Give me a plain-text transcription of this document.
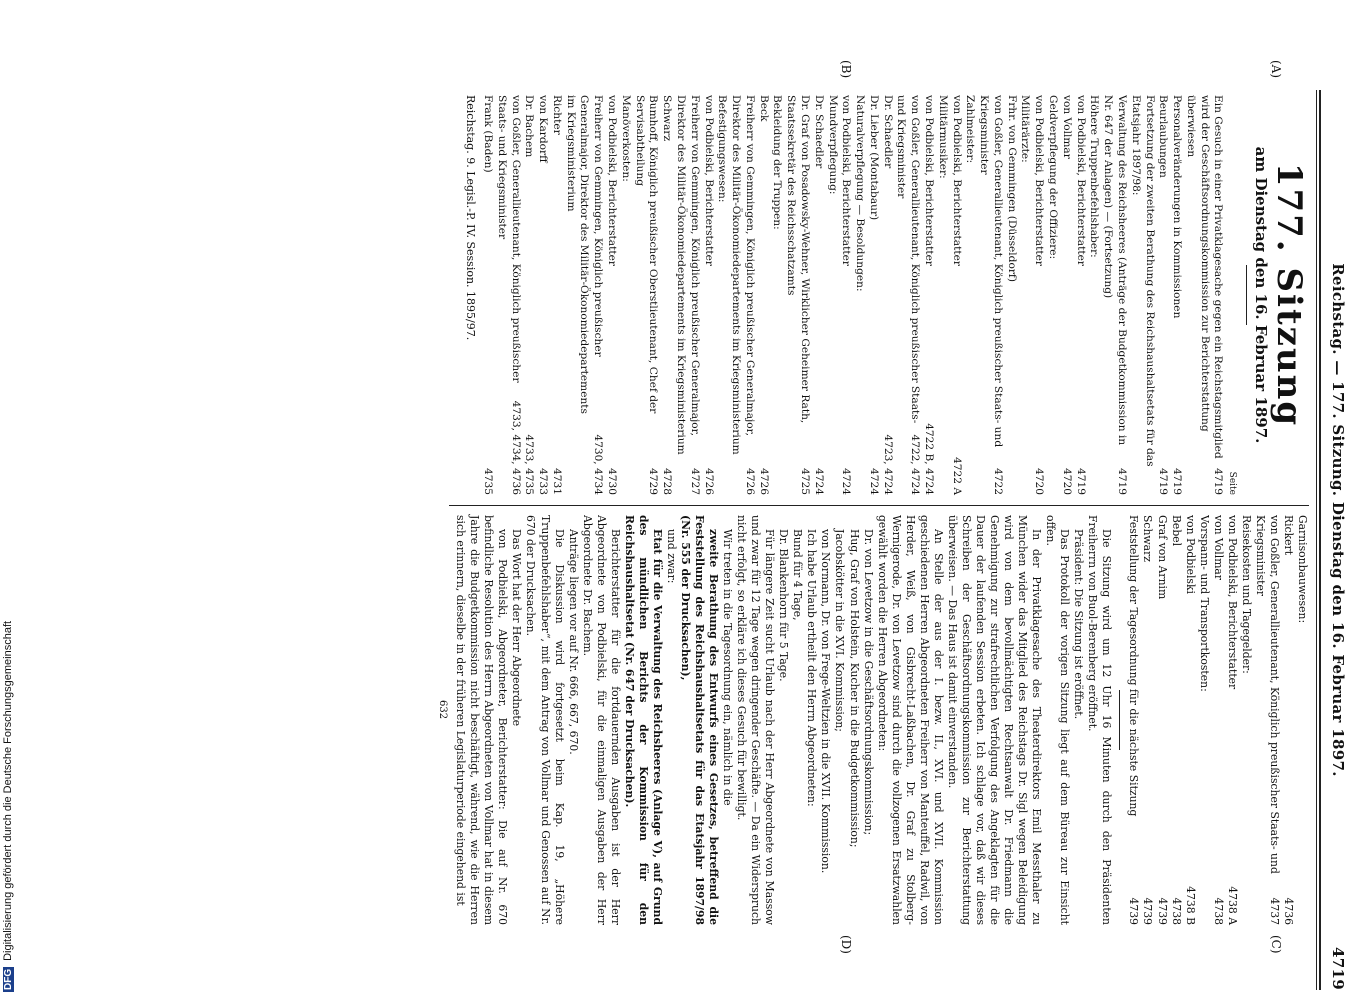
Reichstag. — 177. Sitzung. Dienstag den 16. Februar 1897.
4719
(A)
(B)
(C)
(D)
177. Sitzung
am Dienstag den 16. Februar 1897.
Seite
Ein Gesuch in einer Privatklagesache gegen ein Reichstagsmitglied wird der Geschäftsordnungskommission zur Berichterstattung überwiesen
4719
Personalveränderungen in Kommissionen
4719
Beurlaubungen
4719
Fortsetzung der zweiten Berathung des Reichshaushaltsetats für das Etatsjahr 1897/98:
Verwaltung des Reichsheeres (Anträge der Budgetkommission in Nr. 647 der Anlagen) — (Fortsetzung)
4719
Höhere Truppenbefehlshaber:
von Podbielski, Berichterstatter
4719
von Vollmar
4720
Geldverpflegung der Offiziere:
von Podbielski, Berichterstatter
4720
Militärärzte:
Frhr. von Gemmingen (Düsseldorf)
von Goßler, Generallieutenant, Königlich preußischer Staats- und Kriegsminister
4722
Zahlmeister:
von Podbielski, Berichterstatter
4722 A
Militärmusiker:
von Podbielski, Berichterstatter
4722 B, 4724
von Goßler, Generallieutenant, Königlich preußischer Staats- und Kriegsminister
4722, 4724
Dr. Schaedler
4723, 4724
Dr. Lieber (Montabaur)
4724
Naturalverpflegung — Besoldungen:
von Podbielski, Berichterstatter
4724
Mundverpflegung:
Dr. Schaedler
4724
Dr. Graf von Posadowsky-Wehner, Wirklicher Geheimer Rath, Staatssekretär des Reichsschatzamts
4725
Bekleidung der Truppen:
Beck
4726
Freiherr von Gemmingen, Königlich preußischer Generalmajor, Direktor des Militär-Ökonomiedepartements im Kriegsministerium
4726
Befestigungswesen:
von Podbielski, Berichterstatter
4726
Freiherr von Gemmingen, Königlich preußischer Generalmajor, Direktor des Militär-Ökonomiedepartements im Kriegsministerium
4727
Schwarz
4728
Bumhoff, Königlich preußischer Oberstlieutenant, Chef der Servisabtheilung
4729
Manöverkosten:
von Podbielski, Berichterstatter
4730
Freiherr von Gemmingen, Königlich preußischer Generalmajor, Direktor des Militär-Ökonomiedepartements im Kriegsministerium
4730, 4734
Richter
4731
von Kardorff
4733
Dr. Bachem
4733, 4735
von Goßler, Generallieutenant, Königlich preußischer Staats- und Kriegsminister
4733, 4734, 4736
Frank (Baden)
4735
Reichstag. 9. Legisl.-P. IV. Session. 1895/97.
Garnisonbauwesen:
Rickert
4736
von Goßler, Generallieutenant, Königlich preußischer Staats- und Kriegsminister
4737
Reisekosten und Tagegelder:
von Podbielski, Berichterstatter
4738 A
von Vollmar
4738
Vorspann- und Transportkosten:
von Podbielski
4738 B
Bebel
4738
Graf von Arnim
4739
Schwarz
4739
Feststellung der Tagesordnung für die nächste Sitzung
4739

Die Sitzung wird um 12 Uhr 16 Minuten durch den Präsidenten Freiherrn von Buol-Berenberg eröffnet.

Präsident: Die Sitzung ist eröffnet.

Das Protokoll der vorigen Sitzung liegt auf dem Büreau zur Einsicht offen.

In der Privatklagesache des Theaterdirektors Emil Messthaler zu München wider das Mitglied des Reichstags Dr. Sigl wegen Beleidigung wird von dem bevollmächtigten Rechtsanwalt Dr. Friedmann die Genehmigung zur strafrechtlichen Verfolgung des Angeklagten für die Dauer der laufenden Session erbeten. Ich schlage vor, daß wir dieses Schreiben der Geschäftsordnungskommission zur Berichterstattung überweisen. — Das Haus ist damit einverstanden.

An Stelle der aus der I. bezw. II., XVI. und XVII. Kommission geschiedenen Herren Abgeordneten Freiherr von Manteuffel, Radwil, von Herder, Weiß, von Gisbrecht-Laßbachen, Dr. Graf zu Stolberg-Wernigerode, Dr. von Levetzow sind durch die vollzogenen Ersatzwahlen gewählt worden die Herren Abgeordneten:

Dr. von Levetzow in die Geschäftsordnungskommission;

Hug, Graf von Holstein, Kucher in die Budgetkommission;

Jacobskötter in die XVI. Kommission;

von Normann, Dr. von Frege-Weltzien in die XVII. Kommission.

Ich habe Urlaub ertheilt den Herrn Abgeordneten:

Bund für 4 Tage,

Dr. Blankenhorn für 5 Tage.

Für längere Zeit sucht Urlaub nach der Herr Abgeordnete von Massow und zwar für 12 Tage wegen dringender Geschäfte. — Da ein Widerspruch nicht erfolgt, so erkläre ich dieses Gesuch für bewilligt.

Wir treten in die Tagesordnung ein, nämlich in die

zweite Berathung des Entwurfs eines Gesetzes, betreffend die Feststellung des Reichshaushaltsetats für das Etatsjahr 1897/98 (Nr. 555 der Drucksachen),

und zwar:

Etat für die Verwaltung des Reichsheeres (Anlage V), auf Grund des mündlichen Berichts der Kommission für den Reichshaushaltsetat (Nr. 647 der Drucksachen).

Berichterstatter für die fortdauernden Ausgaben ist der Herr Abgeordnete von Podbielski, für die einmaligen Ausgaben der Herr Abgeordnete Dr. Bachem.

Anträge liegen vor auf Nr. 666, 667, 670.

Die Diskussion wird fortgesetzt beim Kap. 19, „Höhere Truppenbefehlshaber“, mit dem Antrag von Vollmar und Genossen auf Nr. 670 der Drucksachen.

Das Wort hat der Herr Abgeordnete

von Podbielski, Abgeordneter, Berichterstatter: Die auf Nr. 670 befindliche Resolution des Herrn Abgeordneten von Vollmar hat in diesem Jahre die Budgetkommission nicht beschäftigt, während, wie die Herren sich erinnern, dieselbe in der früheren Legislaturperiode eingehend ist

632
DFG
Digitalisierung gefördert durch die Deutsche Forschungsgemeinschaft
